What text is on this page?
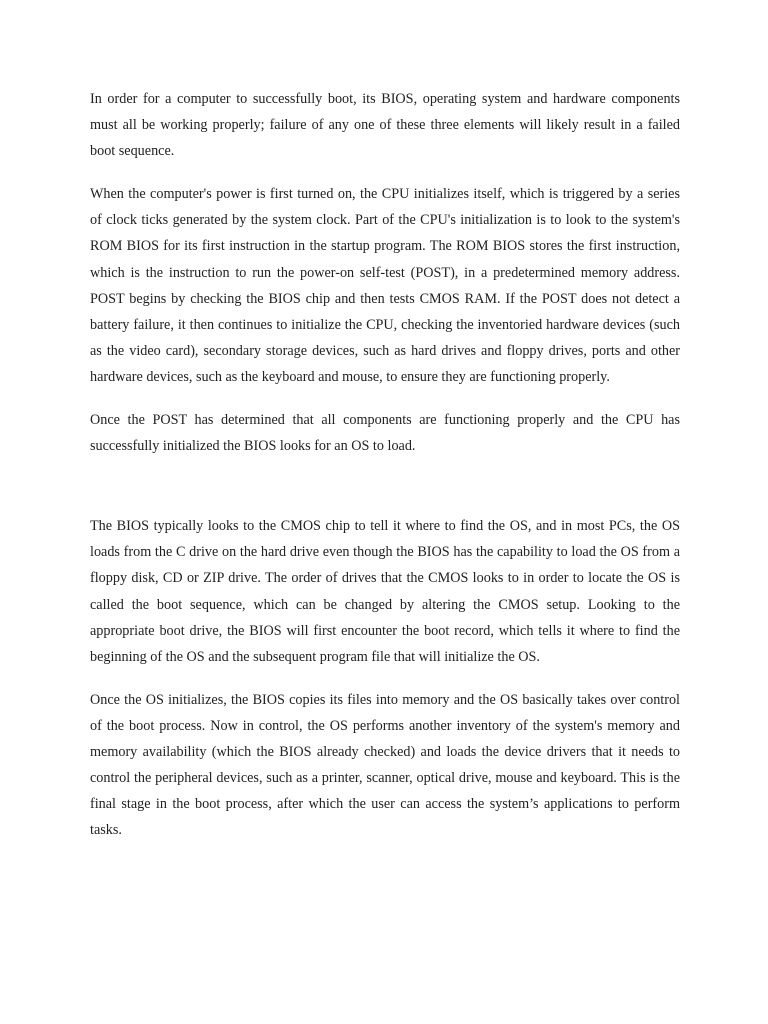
In order for a computer to successfully boot, its BIOS, operating system and hardware components must all be working properly; failure of any one of these three elements will likely result in a failed boot sequence.

When the computer's power is first turned on, the CPU initializes itself, which is triggered by a series of clock ticks generated by the system clock. Part of the CPU's initialization is to look to the system's ROM BIOS for its first instruction in the startup program. The ROM BIOS stores the first instruction, which is the instruction to run the power-on self-test (POST), in a predetermined memory address. POST begins by checking the BIOS chip and then tests CMOS RAM. If the POST does not detect a battery failure, it then continues to initialize the CPU, checking the inventoried hardware devices (such as the video card), secondary storage devices, such as hard drives and floppy drives, ports and other hardware devices, such as the keyboard and mouse, to ensure they are functioning properly.

Once the POST has determined that all components are functioning properly and the CPU has successfully initialized the BIOS looks for an OS to load.

The BIOS typically looks to the CMOS chip to tell it where to find the OS, and in most PCs, the OS loads from the C drive on the hard drive even though the BIOS has the capability to load the OS from a floppy disk, CD or ZIP drive. The order of drives that the CMOS looks to in order to locate the OS is called the boot sequence, which can be changed by altering the CMOS setup. Looking to the appropriate boot drive, the BIOS will first encounter the boot record, which tells it where to find the beginning of the OS and the subsequent program file that will initialize the OS.

Once the OS initializes, the BIOS copies its files into memory and the OS basically takes over control of the boot process. Now in control, the OS performs another inventory of the system's memory and memory availability (which the BIOS already checked) and loads the device drivers that it needs to control the peripheral devices, such as a printer, scanner, optical drive, mouse and keyboard. This is the final stage in the boot process, after which the user can access the system’s applications to perform tasks.
